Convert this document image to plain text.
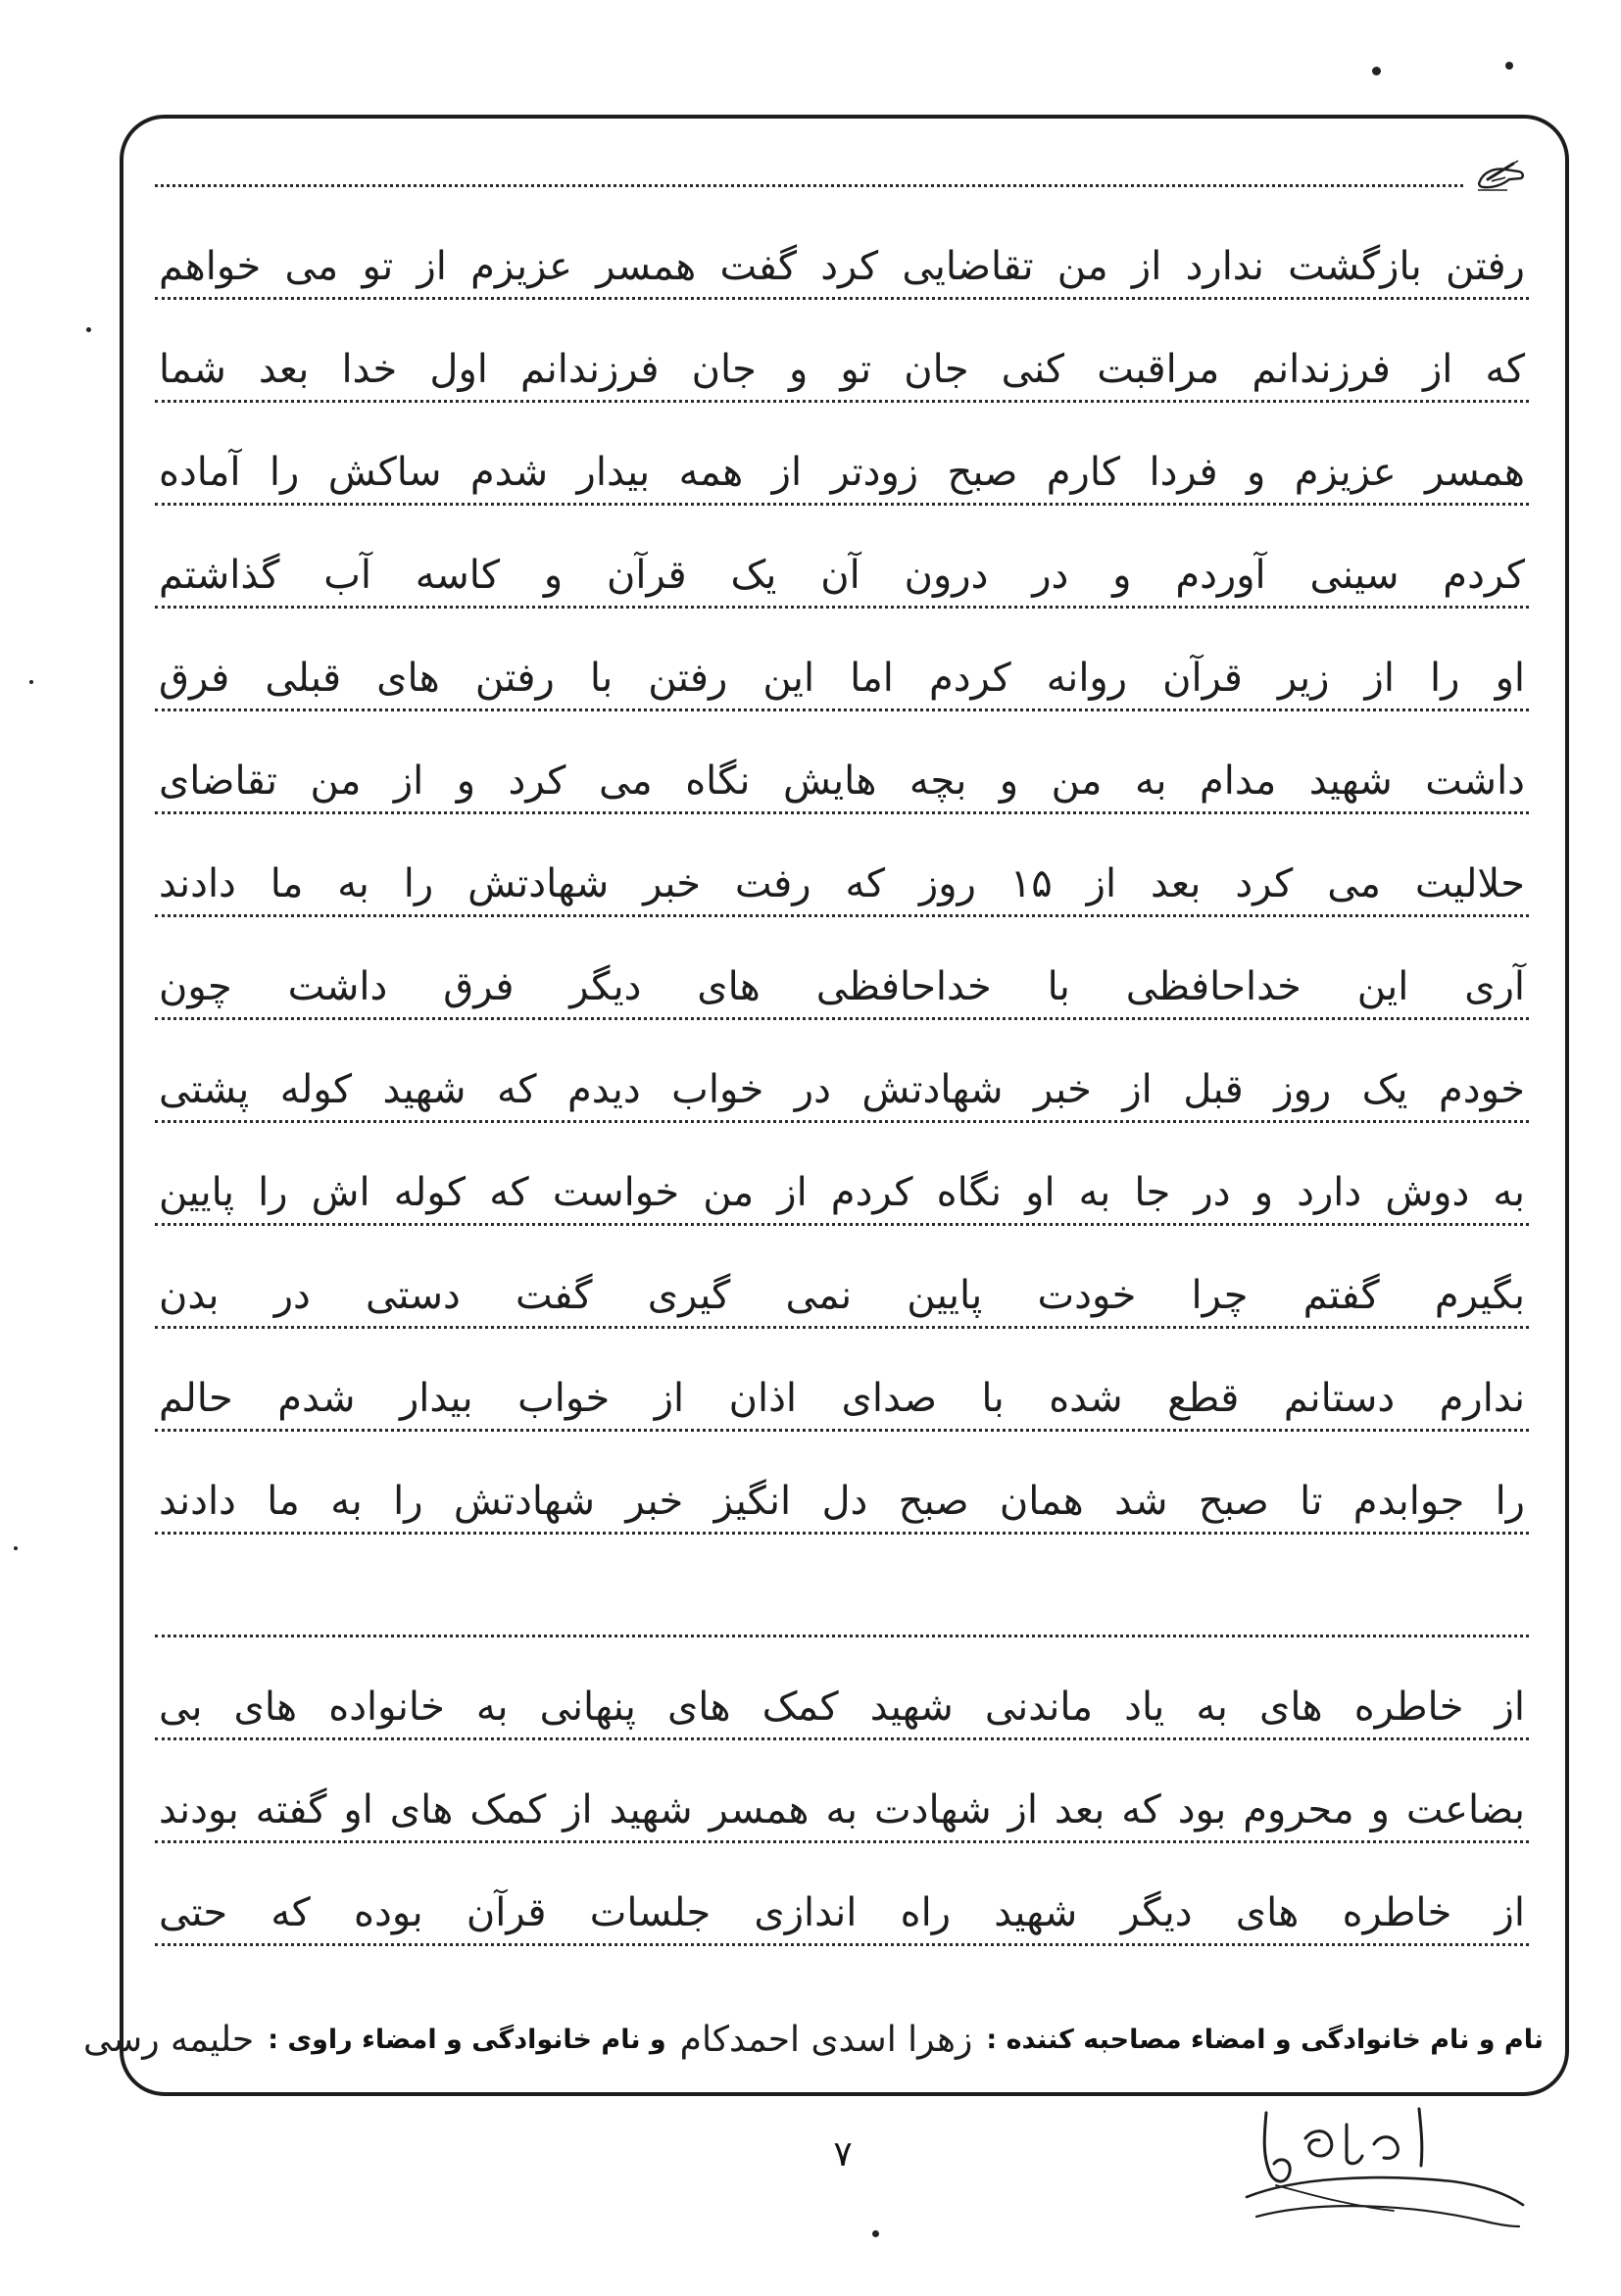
رفتن بازگشت ندارد از من تقاضایی کرد گفت همسر عزیزم از تو می خواهم
که از فرزندانم مراقبت کنی جان تو و جان فرزندانم اول خدا بعد شما
همسر عزیزم و فردا کارم صبح زودتر از همه بیدار شدم ساکش را آماده
کردم سینی آوردم و در درون آن یک قرآن و کاسه آب گذاشتم
او را از زیر قرآن روانه کردم اما این رفتن با رفتن های قبلی فرق
داشت شهید مدام به من و بچه هایش نگاه می کرد و از من تقاضای
حلالیت می کرد بعد از ۱۵ روز که رفت خبر شهادتش را به ما دادند
آری این خداحافظی با خداحافظی های دیگر فرق داشت چون
خودم یک روز قبل از خبر شهادتش در خواب دیدم که شهید کوله پشتی
به دوش دارد و در جا به او نگاه کردم از من خواست که کوله اش را پایین
بگیرم گفتم چرا خودت پایین نمی گیری گفت دستی در بدن
ندارم دستانم قطع شده با صدای اذان از خواب بیدار شدم حالم
را جوابدم تا صبح شد همان صبح دل انگیز خبر شهادتش را به ما دادند
از خاطره های به یاد ماندنی شهید کمک های پنهانی به خانواده های بی
بضاعت و محروم بود که بعد از شهادت به همسر شهید از کمک های او گفته بودند
از خاطره های دیگر شهید راه اندازی جلسات قرآن بوده که حتی
نام و نام خانوادگی و امضاء مصاحبه کننده :
زهرا اسدی احمدکام
و نام خانوادگی و امضاء راوی :
حلیمه رسی
۷
